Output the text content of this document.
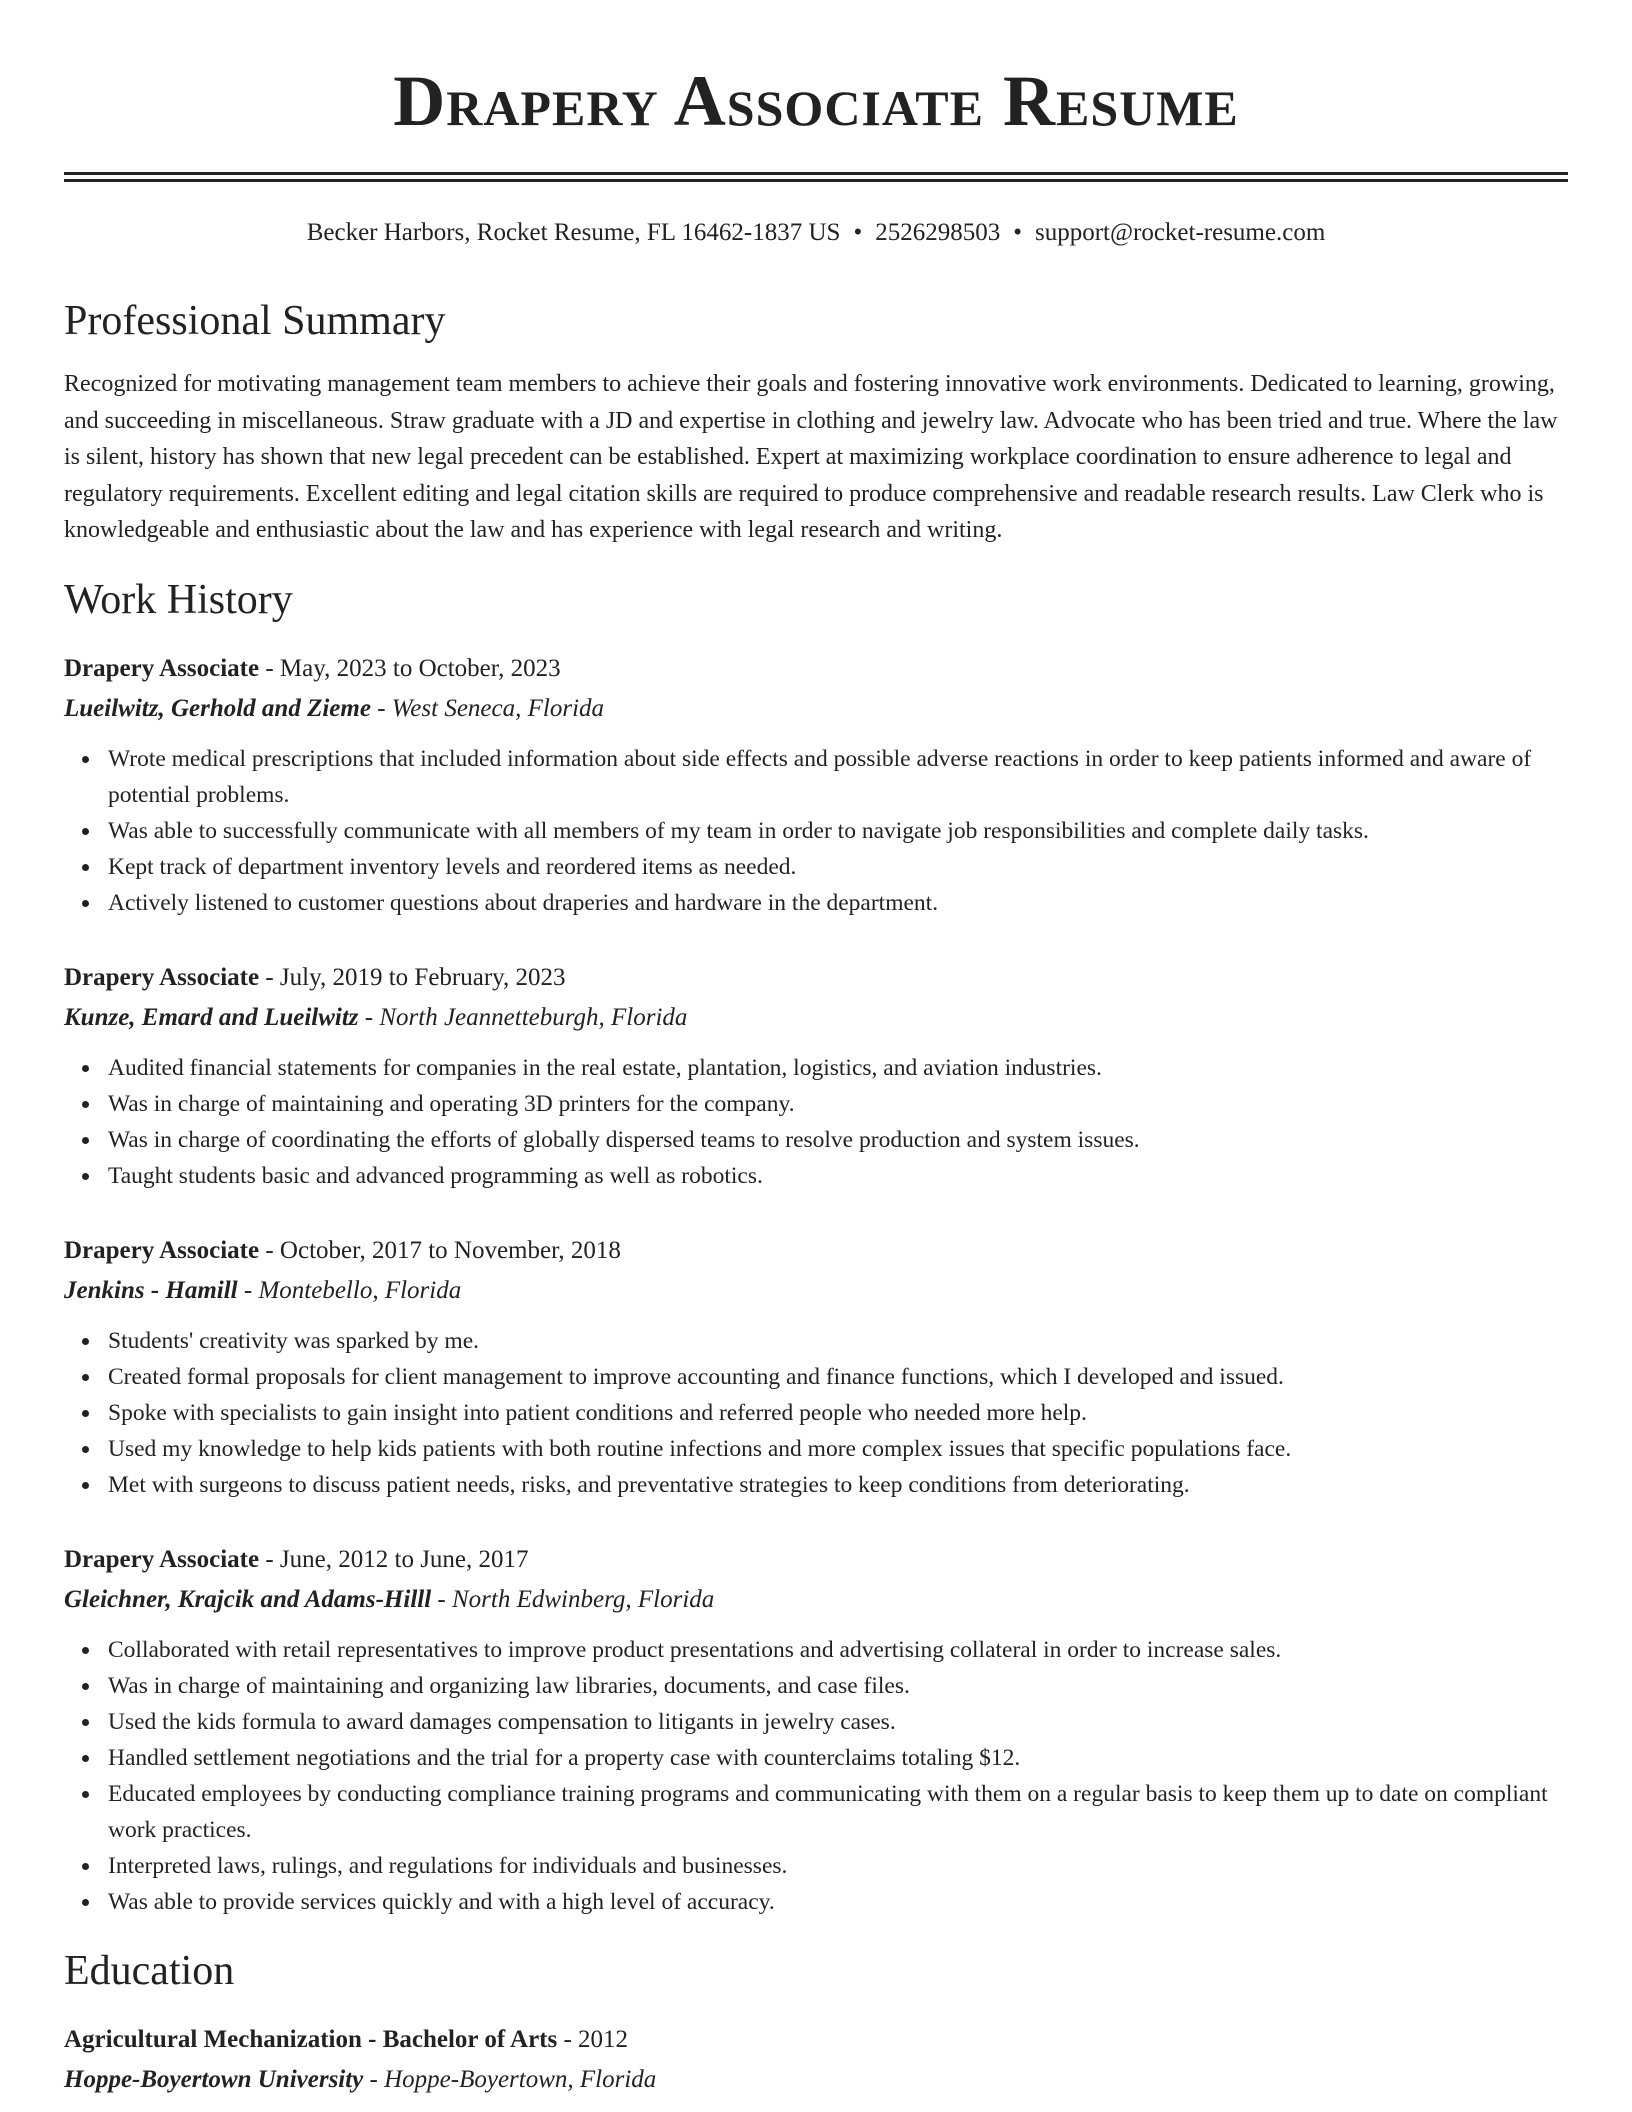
Drapery Associate Resume
Becker Harbors, Rocket Resume, FL 16462-1837 US • 2526298503 • support@rocket-resume.com
Professional Summary
Recognized for motivating management team members to achieve their goals and fostering innovative work environments. Dedicated to learning, growing, and succeeding in miscellaneous. Straw graduate with a JD and expertise in clothing and jewelry law. Advocate who has been tried and true. Where the law is silent, history has shown that new legal precedent can be established. Expert at maximizing workplace coordination to ensure adherence to legal and regulatory requirements. Excellent editing and legal citation skills are required to produce comprehensive and readable research results. Law Clerk who is knowledgeable and enthusiastic about the law and has experience with legal research and writing.
Work History
Drapery Associate - May, 2023 to October, 2023
Lueilwitz, Gerhold and Zieme - West Seneca, Florida
Wrote medical prescriptions that included information about side effects and possible adverse reactions in order to keep patients informed and aware of potential problems.
Was able to successfully communicate with all members of my team in order to navigate job responsibilities and complete daily tasks.
Kept track of department inventory levels and reordered items as needed.
Actively listened to customer questions about draperies and hardware in the department.
Drapery Associate - July, 2019 to February, 2023
Kunze, Emard and Lueilwitz - North Jeannetteburgh, Florida
Audited financial statements for companies in the real estate, plantation, logistics, and aviation industries.
Was in charge of maintaining and operating 3D printers for the company.
Was in charge of coordinating the efforts of globally dispersed teams to resolve production and system issues.
Taught students basic and advanced programming as well as robotics.
Drapery Associate - October, 2017 to November, 2018
Jenkins - Hamill - Montebello, Florida
Students' creativity was sparked by me.
Created formal proposals for client management to improve accounting and finance functions, which I developed and issued.
Spoke with specialists to gain insight into patient conditions and referred people who needed more help.
Used my knowledge to help kids patients with both routine infections and more complex issues that specific populations face.
Met with surgeons to discuss patient needs, risks, and preventative strategies to keep conditions from deteriorating.
Drapery Associate - June, 2012 to June, 2017
Gleichner, Krajcik and Adams-Hilll - North Edwinberg, Florida
Collaborated with retail representatives to improve product presentations and advertising collateral in order to increase sales.
Was in charge of maintaining and organizing law libraries, documents, and case files.
Used the kids formula to award damages compensation to litigants in jewelry cases.
Handled settlement negotiations and the trial for a property case with counterclaims totaling $12.
Educated employees by conducting compliance training programs and communicating with them on a regular basis to keep them up to date on compliant work practices.
Interpreted laws, rulings, and regulations for individuals and businesses.
Was able to provide services quickly and with a high level of accuracy.
Education
Agricultural Mechanization - Bachelor of Arts - 2012
Hoppe-Boyertown University - Hoppe-Boyertown, Florida
